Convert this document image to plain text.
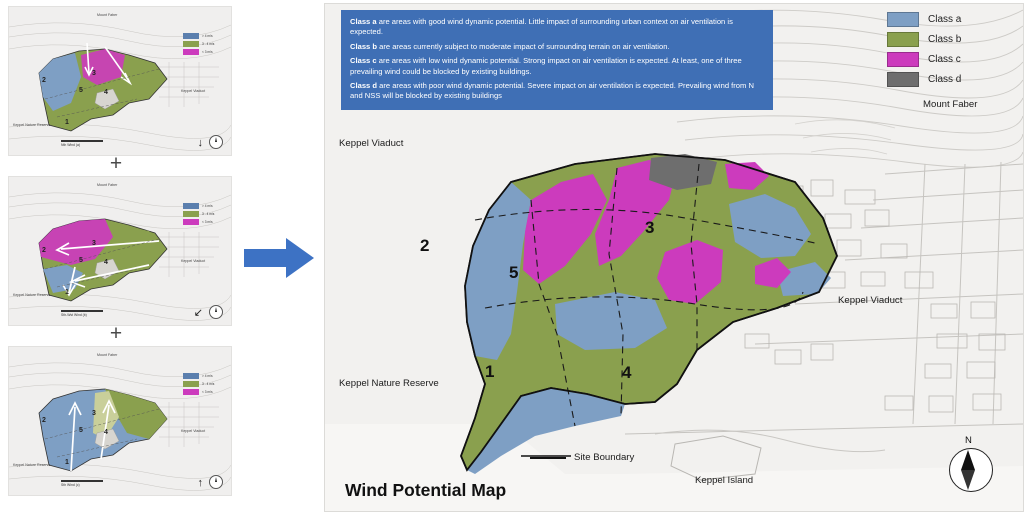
> 4 m/s
3 - 4 m/s
< 3 m/s
Mount Faber
Keppel Viaduct
Keppel Nature Reserve
2
1
5	4
3
Nth Wind (a)	↓
+
> 4 m/s
3 - 4 m/s
< 3 m/s
Mount Faber
Keppel Viaduct
Keppel Nature Reserve
2
1
5	4
3
Sth-Wst Wind (b)	↙
+
> 4 m/s
3 - 4 m/s
< 3 m/s
Mount Faber
Keppel Viaduct
Keppel Nature Reserve
2
1
5	4
3
Sth Wind (c)	↑

Class a are areas with good wind dynamic potential. Little impact of surrounding urban context on air ventilation is expected.

Class b are areas currently subject to moderate impact of surrounding terrain on air ventilation.

Class c are areas with low wind dynamic potential. Strong impact on air ventilation is expected. At least, one of three prevailing wind could be blocked by existing buildings.

Class d are areas with poor wind dynamic potential. Severe impact on air ventilation is expected. Prevailing wind from N and NSS will be blocked by existing buildings

Class a
Class b
Class c
Class d
Mount Faber
Keppel Viaduct
Keppel Viaduct
Keppel Nature Reserve
Keppel Island
2
3
5
1	4
Site Boundary
Wind Potential Map
N
